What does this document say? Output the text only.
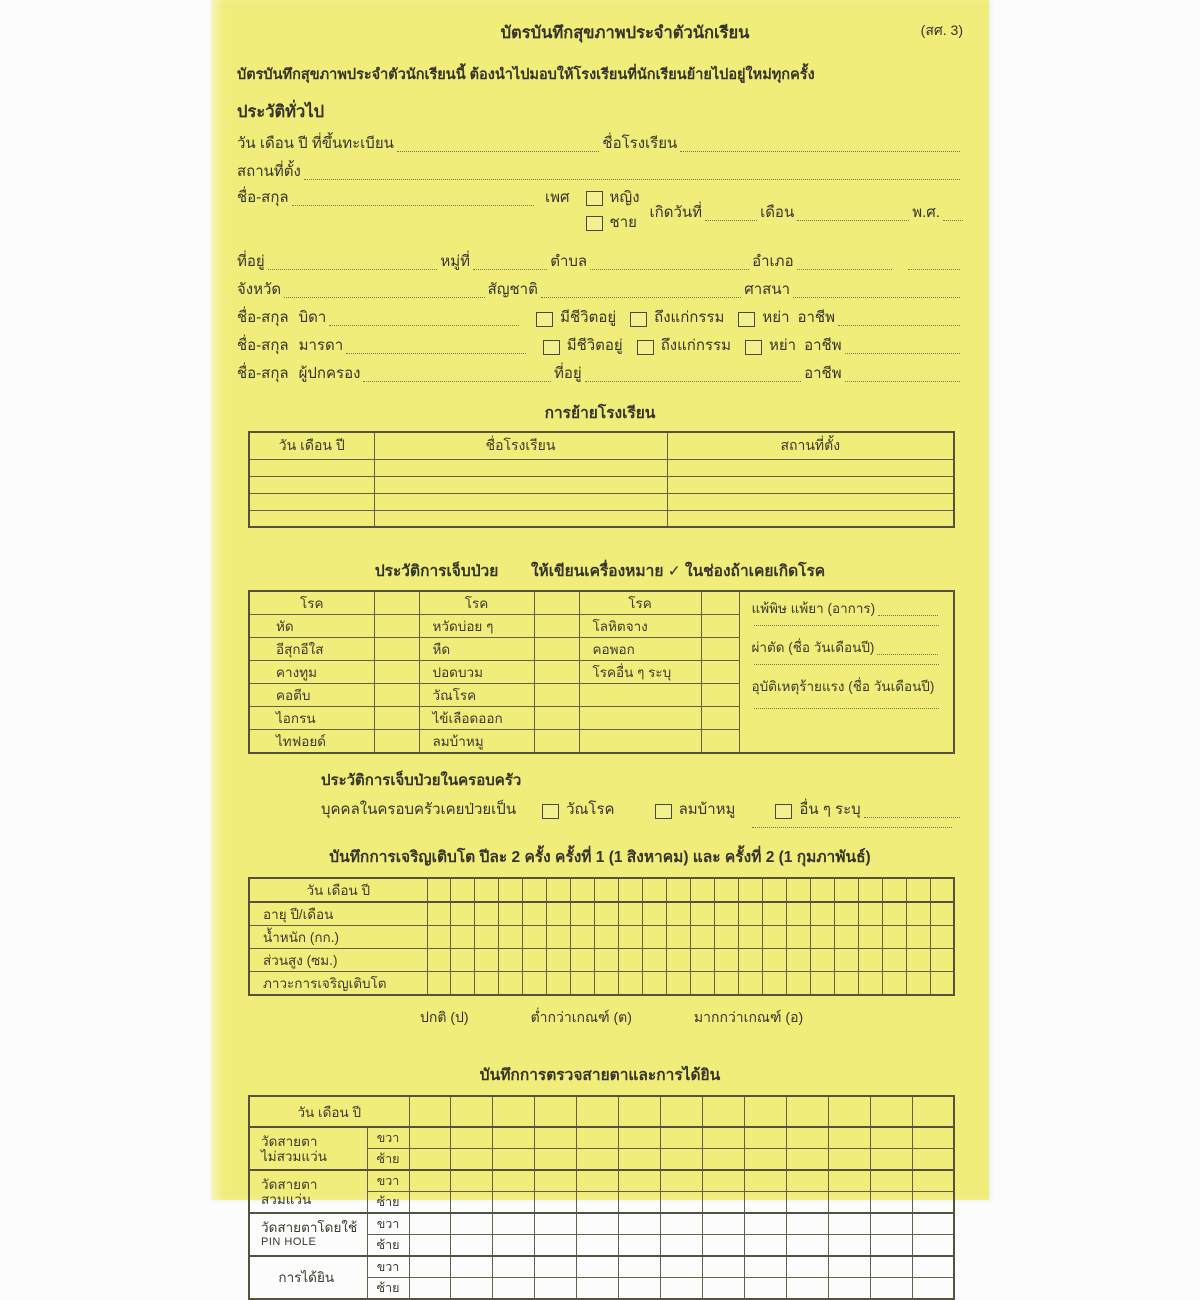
บัตรบันทึกสุขภาพประจำตัวนักเรียน	(สศ. 3)
บัตรบันทึกสุขภาพประจำตัวนักเรียนนี้ ต้องนำไปมอบให้โรงเรียนที่นักเรียนย้ายไปอยู่ใหม่ทุกครั้ง
ประวัติทั่วไป
วัน เดือน ปี ที่ขึ้นทะเบียน	ชื่อโรงเรียน
สถานที่ตั้ง
ชื่อ-สกุล	เพศ	หญิง
ชาย
เกิดวันที่	เดือน	พ.ศ.
ที่อยู่	หมู่ที่	ตำบล	อำเภอ
จังหวัด	สัญชาติ	ศาสนา
ชื่อ-สกุล บิดา	มีชีวิตอยู่	ถึงแก่กรรม	หย่า อาชีพ
ชื่อ-สกุล มารดา	มีชีวิตอยู่	ถึงแก่กรรม	หย่า อาชีพ
ชื่อ-สกุล ผู้ปกครอง	ที่อยู่	อาชีพ
การย้ายโรงเรียน
วัน เดือน ปี	ชื่อโรงเรียน	สถานที่ตั้ง

ประวัติการเจ็บป่วย ให้เขียนเครื่องหมาย ✓ ในช่องถ้าเคยเกิดโรค
โรค		โรค		โรค		แพ้พิษ แพ้ยา (อาการ)
ผ่าตัด (ชื่อ วันเดือนปี)
อุบัติเหตุร้ายแรง (ชื่อ วันเดือนปี)

หัด		หวัดบ่อย ๆ		โลหิตจาง		
อีสุกอีใส		หืด		คอพอก		
คางทูม		ปอดบวม		โรคอื่น ๆ ระบุ		
คอตีบ		วัณโรค				
ไอกรน		ไข้เลือดออก				
ไทฟอยด์		ลมบ้าหมู				
ประวัติการเจ็บป่วยในครอบครัว
บุคคลในครอบครัวเคยป่วยเป็น	วัณโรค	ลมบ้าหมู	อื่น ๆ ระบุ
บันทึกการเจริญเติบโต ปีละ 2 ครั้ง ครั้งที่ 1 (1 สิงหาคม) และ ครั้งที่ 2 (1 กุมภาพันธ์)
วัน เดือน ปี																						
อายุ ปี/เดือน																						
น้ำหนัก (กก.)																						
ส่วนสูง (ซม.)																						
ภาวะการเจริญเติบโต																						
ปกติ (ป)	ต่ำกว่าเกณฑ์ (ต)	มากกว่าเกณฑ์ (อ)
บันทึกการตรวจสายตาและการได้ยิน
วัน เดือน ปี														

วัดสายตา
ไม่สวมแว่น	ขวา													
	ซ้าย													

วัดสายตา
สวมแว่น	ขวา													
	ซ้าย													

วัดสายตาโดยใช้
PIN HOLE	ขวา													
	ซ้าย													
การได้ยิน	ขวา													
	ซ้าย													
